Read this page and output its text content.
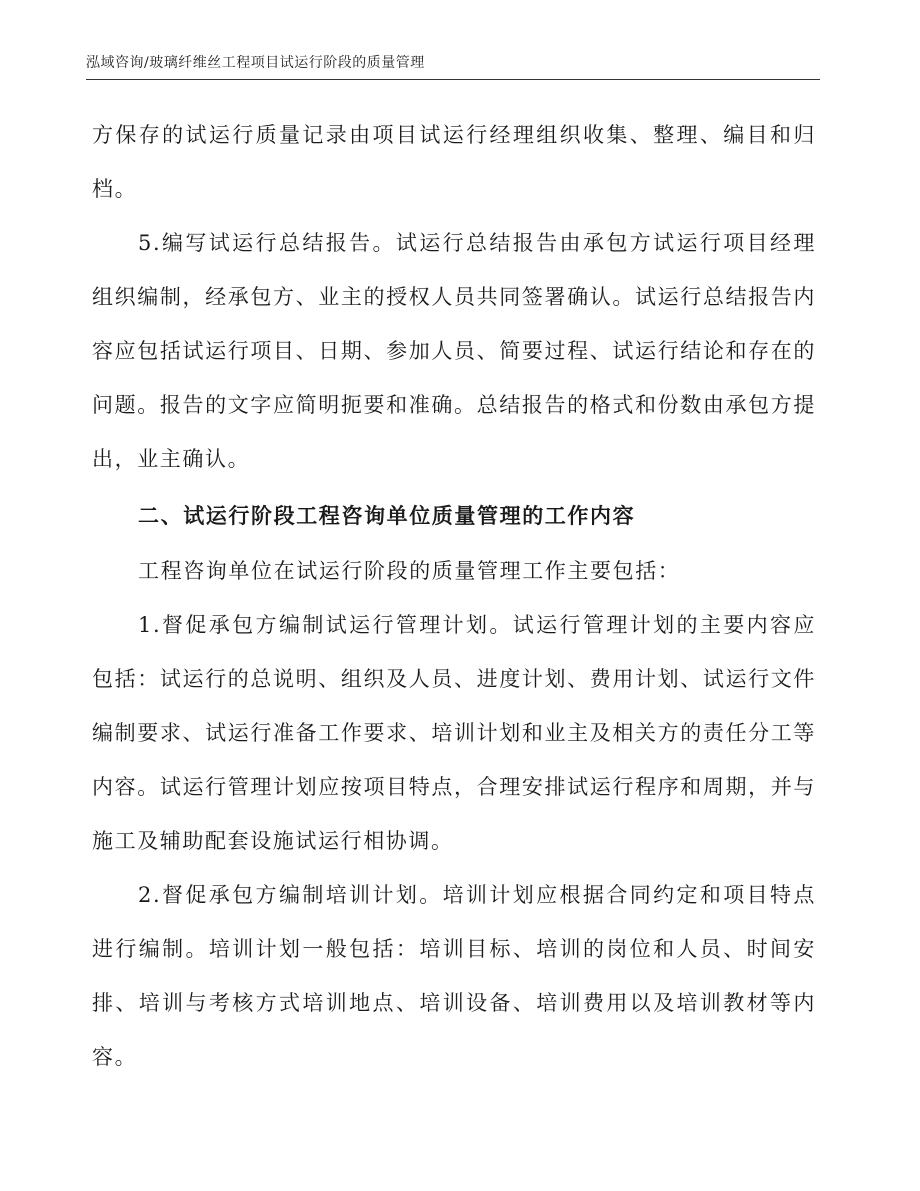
泓域咨询/玻璃纤维丝工程项目试运行阶段的质量管理

方保存的试运行质量记录由项目试运行经理组织收集、整理、编目和归档。

5.编写试运行总结报告。试运行总结报告由承包方试运行项目经理组织编制，经承包方、业主的授权人员共同签署确认。试运行总结报告内容应包括试运行项目、日期、参加人员、简要过程、试运行结论和存在的问题。报告的文字应简明扼要和准确。总结报告的格式和份数由承包方提出，业主确认。

二、试运行阶段工程咨询单位质量管理的工作内容

工程咨询单位在试运行阶段的质量管理工作主要包括：

1.督促承包方编制试运行管理计划。试运行管理计划的主要内容应包括：试运行的总说明、组织及人员、进度计划、费用计划、试运行文件编制要求、试运行准备工作要求、培训计划和业主及相关方的责任分工等内容。试运行管理计划应按项目特点，合理安排试运行程序和周期，并与施工及辅助配套设施试运行相协调。

2.督促承包方编制培训计划。培训计划应根据合同约定和项目特点进行编制。培训计划一般包括：培训目标、培训的岗位和人员、时间安排、培训与考核方式培训地点、培训设备、培训费用以及培训教材等内容。
